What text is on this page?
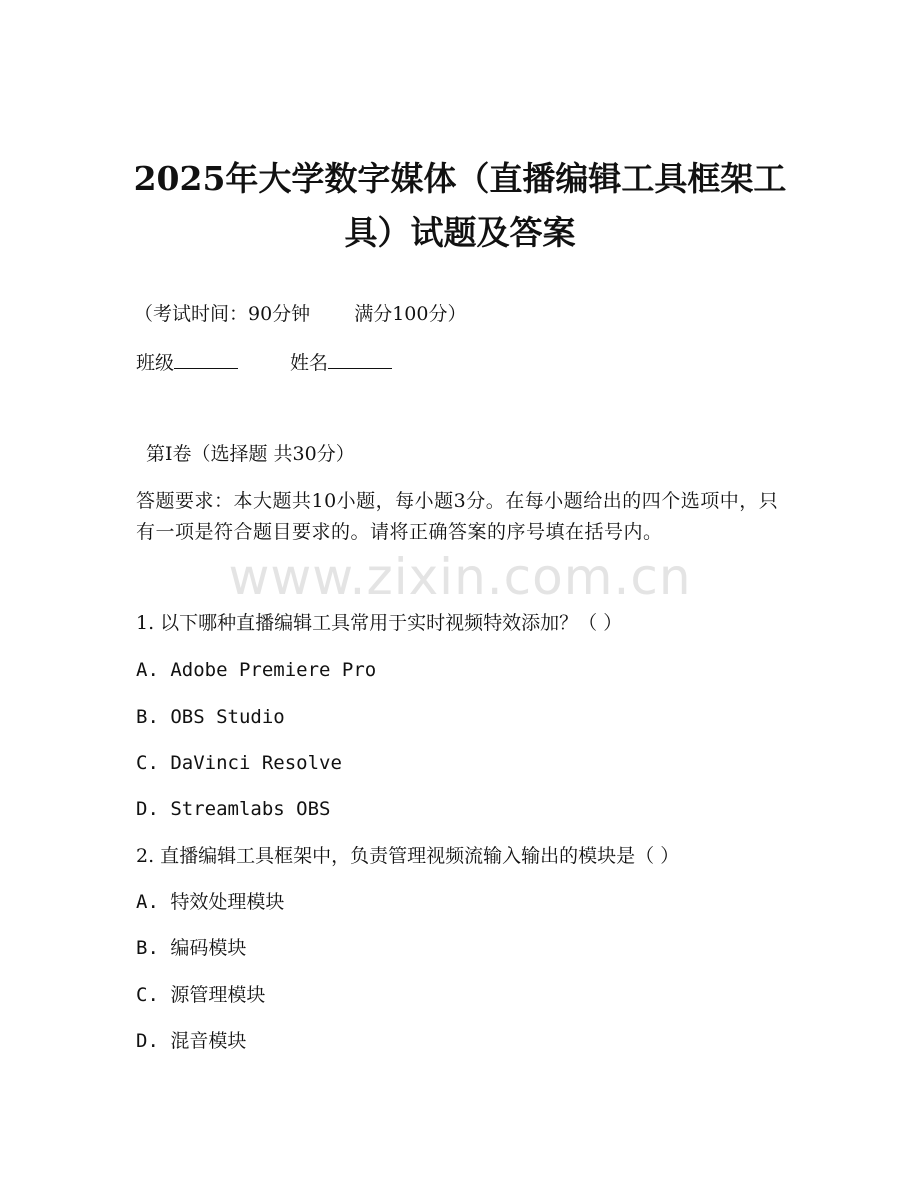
2025年大学数字媒体（直播编辑工具框架工
具）试题及答案
（考试时间：90分钟 满分100分）
班级	姓名
第I卷（选择题 共30分）
答题要求：本大题共10小题，每小题3分。在每小题给出的四个选项中，只有一项是符合题目要求的。请将正确答案的序号填在括号内。
www.zixin.com.cn
1. 以下哪种直播编辑工具常用于实时视频特效添加？（ ）
A. Adobe Premiere Pro
B. OBS Studio
C. DaVinci Resolve
D. Streamlabs OBS
2. 直播编辑工具框架中，负责管理视频流输入输出的模块是（ ）
A. 特效处理模块
B. 编码模块
C. 源管理模块
D. 混音模块
